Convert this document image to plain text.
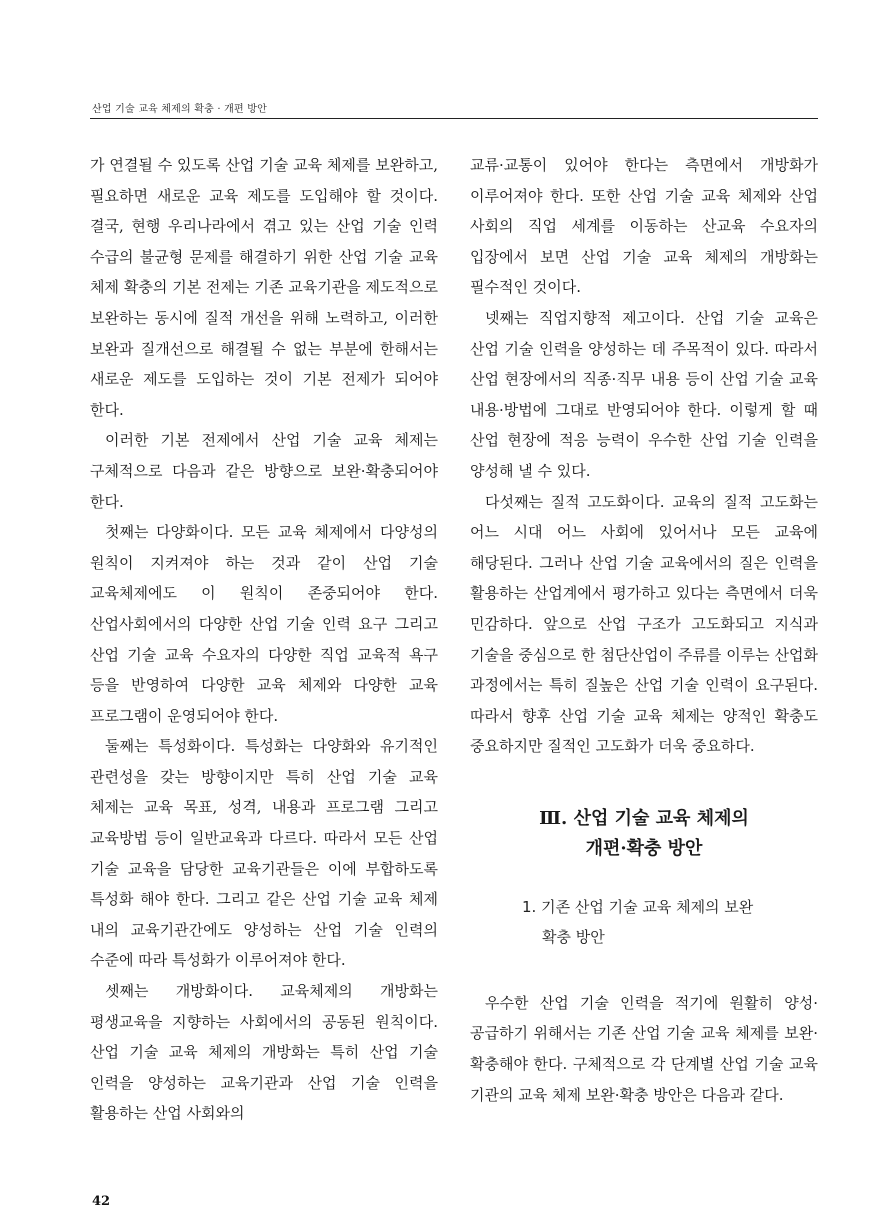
산업 기술 교육 체제의 확충 · 개편 방안

가 연결될 수 있도록 산업 기술 교육 체제를 보완하고, 필요하면 새로운 교육 제도를 도입해야 할 것이다. 결국, 현행 우리나라에서 겪고 있는 산업 기술 인력 수급의 불균형 문제를 해결하기 위한 산업 기술 교육 체제 확충의 기본 전제는 기존 교육기관을 제도적으로 보완하는 동시에 질적 개선을 위해 노력하고, 이러한 보완과 질개선으로 해결될 수 없는 부분에 한해서는 새로운 제도를 도입하는 것이 기본 전제가 되어야 한다.

이러한 기본 전제에서 산업 기술 교육 체제는 구체적으로 다음과 같은 방향으로 보완·확충되어야 한다.

첫째는 다양화이다. 모든 교육 체제에서 다양성의 원칙이 지켜져야 하는 것과 같이 산업 기술 교육체제에도 이 원칙이 존중되어야 한다. 산업사회에서의 다양한 산업 기술 인력 요구 그리고 산업 기술 교육 수요자의 다양한 직업 교육적 욕구 등을 반영하여 다양한 교육 체제와 다양한 교육 프로그램이 운영되어야 한다.

둘째는 특성화이다. 특성화는 다양화와 유기적인 관련성을 갖는 방향이지만 특히 산업 기술 교육 체제는 교육 목표, 성격, 내용과 프로그램 그리고 교육방법 등이 일반교육과 다르다. 따라서 모든 산업 기술 교육을 담당한 교육기관들은 이에 부합하도록 특성화 해야 한다. 그리고 같은 산업 기술 교육 체제 내의 교육기관간에도 양성하는 산업 기술 인력의 수준에 따라 특성화가 이루어져야 한다.

셋째는 개방화이다. 교육체제의 개방화는 평생교육을 지향하는 사회에서의 공동된 원칙이다. 산업 기술 교육 체제의 개방화는 특히 산업 기술 인력을 양성하는 교육기관과 산업 기술 인력을 활용하는 산업 사회와의

교류·교통이 있어야 한다는 측면에서 개방화가 이루어져야 한다. 또한 산업 기술 교육 체제와 산업 사회의 직업 세계를 이동하는 산교육 수요자의 입장에서 보면 산업 기술 교육 체제의 개방화는 필수적인 것이다.

넷째는 직업지향적 제고이다. 산업 기술 교육은 산업 기술 인력을 양성하는 데 주목적이 있다. 따라서 산업 현장에서의 직종·직무 내용 등이 산업 기술 교육 내용·방법에 그대로 반영되어야 한다. 이렇게 할 때 산업 현장에 적응 능력이 우수한 산업 기술 인력을 양성해 낼 수 있다.

다섯째는 질적 고도화이다. 교육의 질적 고도화는 어느 시대 어느 사회에 있어서나 모든 교육에 해당된다. 그러나 산업 기술 교육에서의 질은 인력을 활용하는 산업계에서 평가하고 있다는 측면에서 더욱 민감하다. 앞으로 산업 구조가 고도화되고 지식과 기술을 중심으로 한 첨단산업이 주류를 이루는 산업화 과정에서는 특히 질높은 산업 기술 인력이 요구된다. 따라서 향후 산업 기술 교육 체제는 양적인 확충도 중요하지만 질적인 고도화가 더욱 중요하다.

Ⅲ. 산업 기술 교육 체제의
개편·확충 방안
1. 기존 산업 기술 교육 체제의 보완
확충 방안

우수한 산업 기술 인력을 적기에 원활히 양성·공급하기 위해서는 기존 산업 기술 교육 체제를 보완·확충해야 한다. 구체적으로 각 단계별 산업 기술 교육 기관의 교육 체제 보완·확충 방안은 다음과 같다.

42
